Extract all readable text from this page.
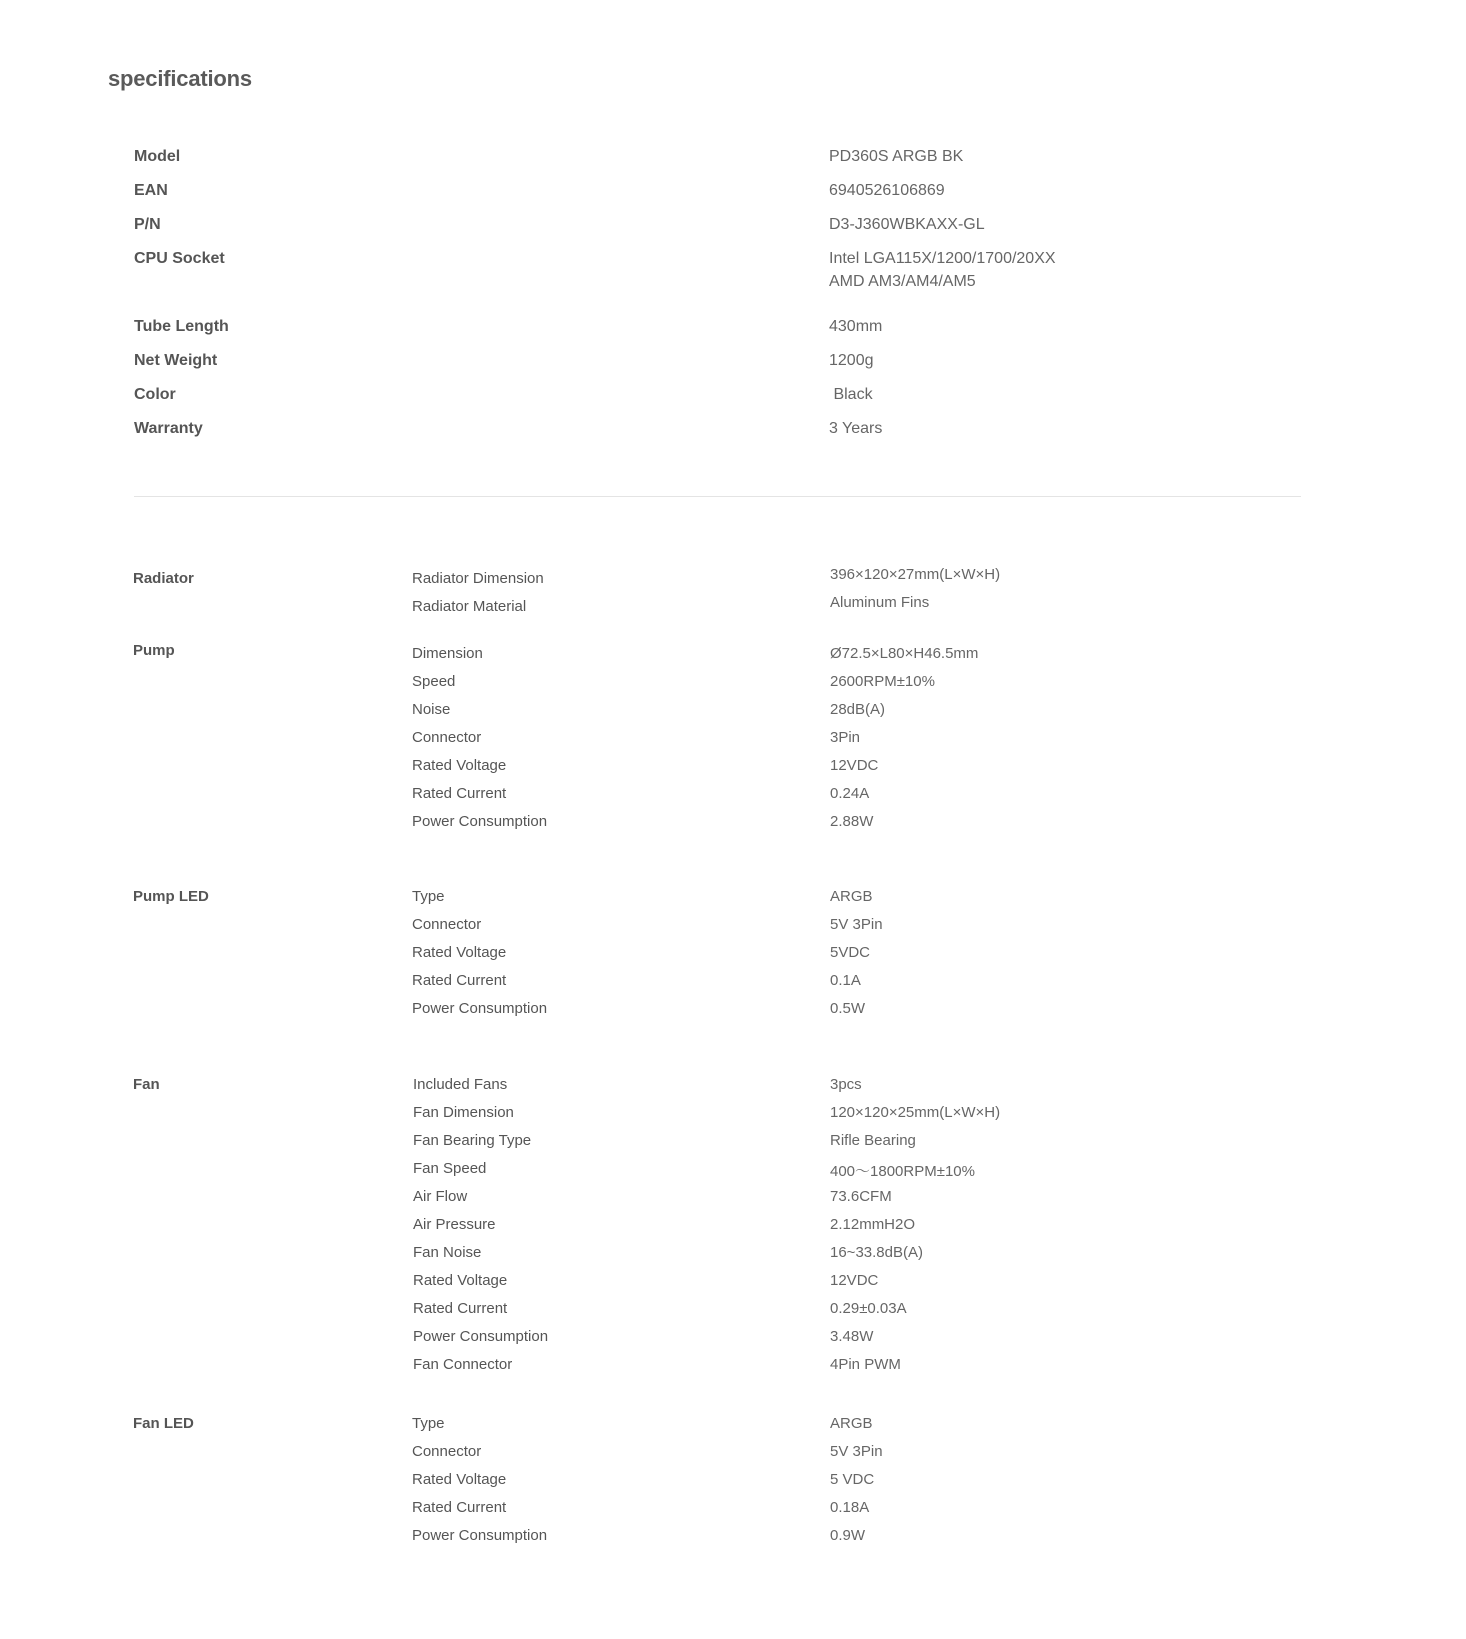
specifications
Model	PD360S ARGB BK
EAN	6940526106869
P/N	D3-J360WBKAXX-GL
CPU Socket	Intel LGA115X/1200/1700/20XX
AMD AM3/AM4/AM5
Tube Length	430mm
Net Weight	1200g
Color	Black
Warranty	3 Years
Radiator	Radiator Dimension	396×120×27mm(L×W×H)
Radiator Material	Aluminum Fins
Pump	Dimension	Ø72.5×L80×H46.5mm
Speed	2600RPM±10%
Noise	28dB(A)
Connector	3Pin
Rated Voltage	12VDC
Rated Current	0.24A
Power Consumption	2.88W
Pump LED	Type	ARGB
Connector	5V 3Pin
Rated Voltage	5VDC
Rated Current	0.1A
Power Consumption	0.5W
Fan	Included Fans	3pcs
Fan Dimension	120×120×25mm(L×W×H)
Fan Bearing Type	Rifle Bearing
Fan Speed	400～1800RPM±10%
Air Flow	73.6CFM
Air Pressure	2.12mmH2O
Fan Noise	16~33.8dB(A)
Rated Voltage	12VDC
Rated Current	0.29±0.03A
Power Consumption	3.48W
Fan Connector	4Pin PWM
Fan LED	Type	ARGB
Connector	5V 3Pin
Rated Voltage	5 VDC
Rated Current	0.18A
Power Consumption	0.9W
